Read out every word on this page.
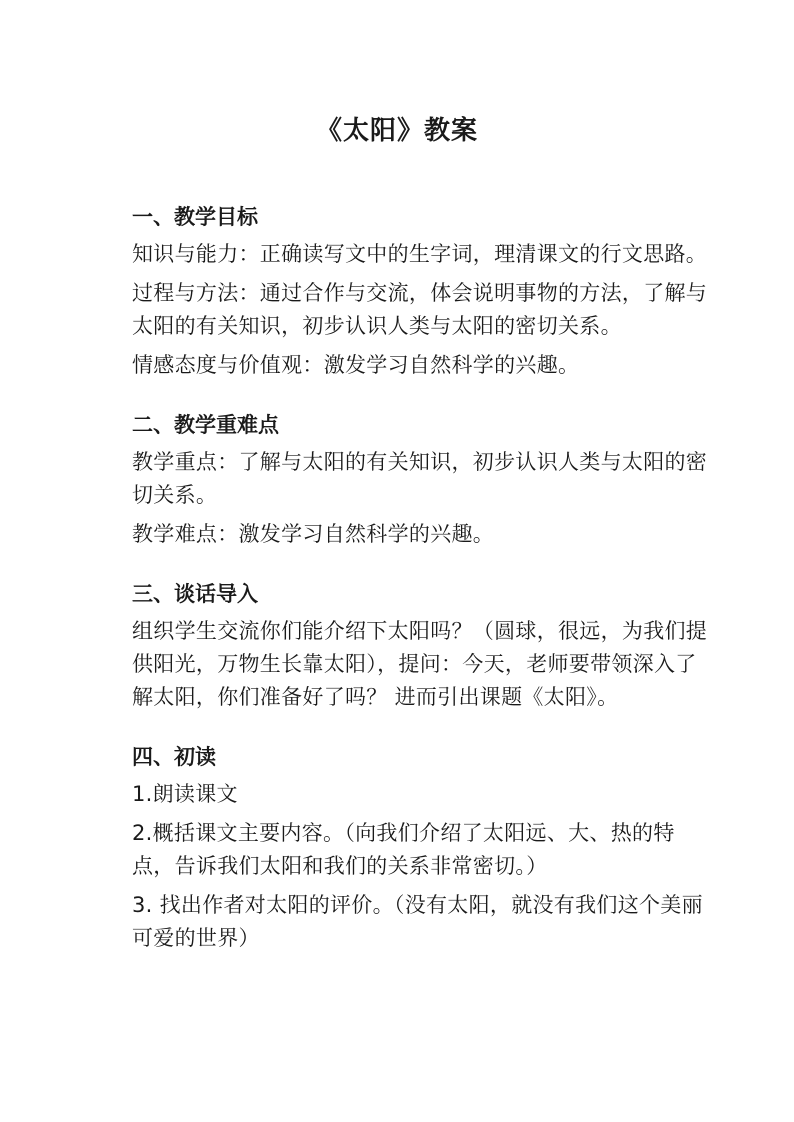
《太阳》教案
一、教学目标
知识与能力：正确读写文中的生字词，理清课文的行文思路。
过程与方法：通过合作与交流，体会说明事物的方法，了解与太阳的有关知识，初步认识人类与太阳的密切关系。
情感态度与价值观：激发学习自然科学的兴趣。
二、教学重难点
教学重点：了解与太阳的有关知识，初步认识人类与太阳的密切关系。
教学难点：激发学习自然科学的兴趣。
三、谈话导入
组织学生交流你们能介绍下太阳吗？（圆球，很远，为我们提供阳光，万物生长靠太阳），提问：今天，老师要带领深入了解太阳，你们准备好了吗？ 进而引出课题《太阳》。
四、初读
1.朗读课文
2.概括课文主要内容。（向我们介绍了太阳远、大、热的特点，告诉我们太阳和我们的关系非常密切。）
3. 找出作者对太阳的评价。（没有太阳，就没有我们这个美丽可爱的世界）
